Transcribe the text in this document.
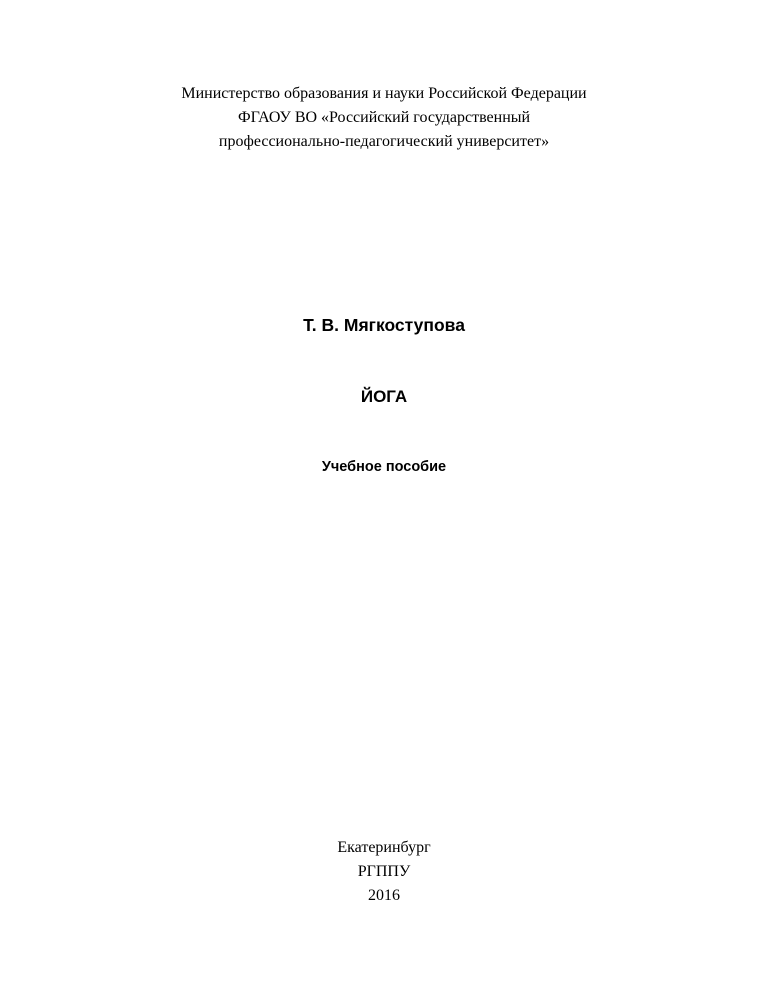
Министерство образования и науки Российской Федерации
ФГАОУ ВО «Российский государственный
профессионально-педагогический университет»
Т. В. Мягкоступова
ЙОГА
Учебное пособие
Екатеринбург
РГППУ
2016
